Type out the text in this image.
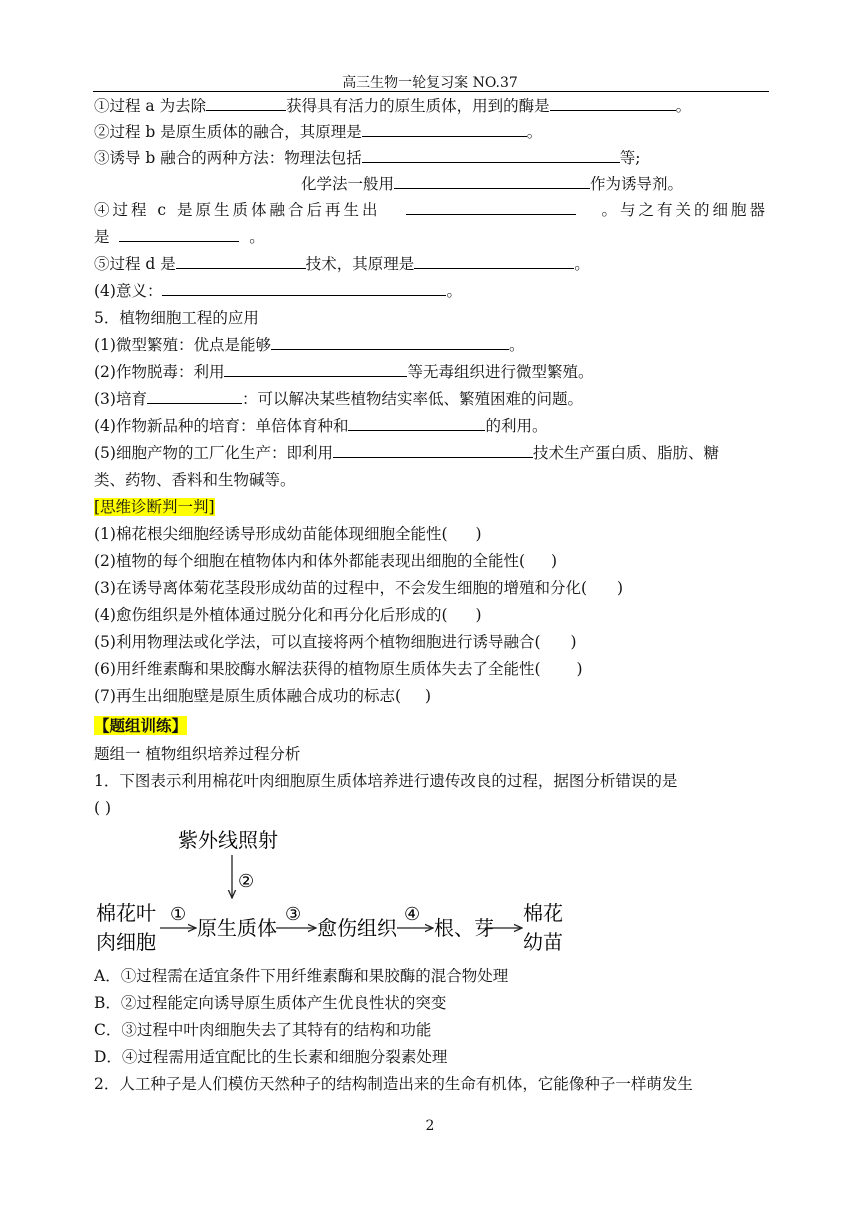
高三生物一轮复习案 NO.37
①过程 a 为去除	获得具有活力的原生质体，用到的酶是	。
②过程 b 是原生质体的融合，其原理是	。
③诱导 b 融合的两种方法：物理法包括	等;
化学法一般用	作为诱导剂。
④过程 c 是原生质体融合后再生出	。与之有关的细胞器
是	。
⑤过程 d 是	技术，其原理是	。
(4)意义：	。
5．植物细胞工程的应用
(1)微型繁殖：优点是能够	。
(2)作物脱毒：利用	等无毒组织进行微型繁殖。
(3)培育	：可以解决某些植物结实率低、繁殖困难的问题。
(4)作物新品种的培育：单倍体育种和	的利用。
(5)细胞产物的工厂化生产：即利用	技术生产蛋白质、脂肪、糖
类、药物、香料和生物碱等。
[思维诊断判一判]
(1)棉花根尖细胞经诱导形成幼苗能体现细胞全能性( )
(2)植物的每个细胞在植物体内和体外都能表现出细胞的全能性( )
(3)在诱导离体菊花茎段形成幼苗的过程中，不会发生细胞的增殖和分化( )
(4)愈伤组织是外植体通过脱分化和再分化后形成的( )
(5)利用物理法或化学法，可以直接将两个植物细胞进行诱导融合( )
(6)用纤维素酶和果胶酶水解法获得的植物原生质体失去了全能性( )
(7)再生出细胞壁是原生质体融合成功的标志( )
【题组训练】
题组一 植物组织培养过程分析
1．下图表示利用棉花叶肉细胞原生质体培养进行遗传改良的过程，据图分析错误的是
( )
紫外线照射
②
棉花叶
肉细胞
①
原生质体
③
愈伤组织
④
根、芽
棉花
幼苗
A．①过程需在适宜条件下用纤维素酶和果胶酶的混合物处理
B．②过程能定向诱导原生质体产生优良性状的突变
C．③过程中叶肉细胞失去了其特有的结构和功能
D．④过程需用适宜配比的生长素和细胞分裂素处理
2．人工种子是人们模仿天然种子的结构制造出来的生命有机体，它能像种子一样萌发生
2
